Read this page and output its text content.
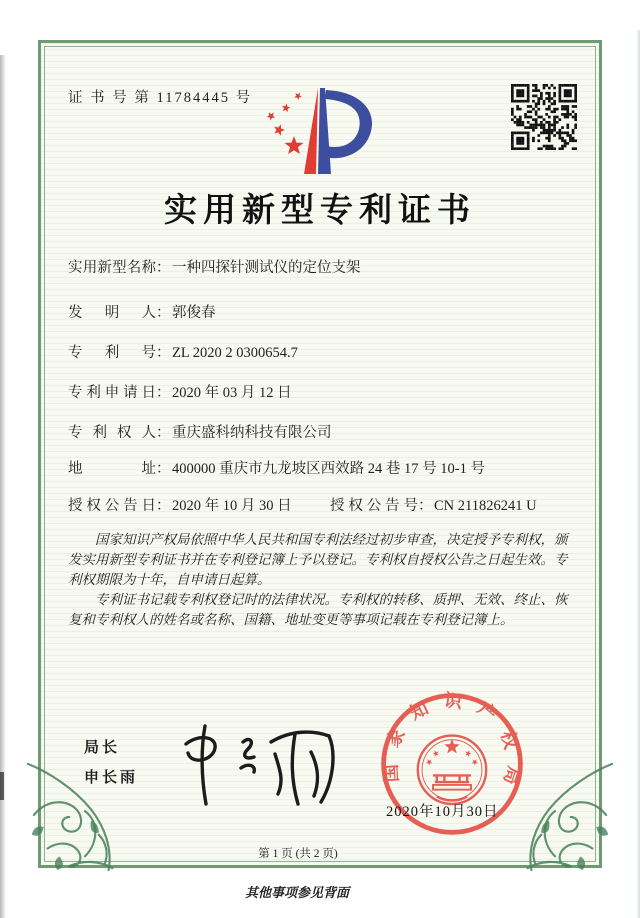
证 书 号 第 11784445 号
实用新型专利证书
实用新型名称： 一种四探针测试仪的定位支架
发明人： 郭俊春
专利号： ZL 2020 2 0300654.7
专利申请日： 2020 年 03 月 12 日
专利权人： 重庆盛科纳科技有限公司
地址： 400000 重庆市九龙坡区西效路 24 巷 17 号 10-1 号
授权公告日： 2020 年 10 月 30 日	授权公告号： CN 211826241 U

国家知识产权局依照中华人民共和国专利法经过初步审查，决定授予专利权，颁发实用新型专利证书并在专利登记簿上予以登记。专利权自授权公告之日起生效。专利权期限为十年，自申请日起算。

专利证书记载专利权登记时的法律状况。专利权的转移、质押、无效、终止、恢复和专利权人的姓名或名称、国籍、地址变更等事项记载在专利登记簿上。

局长
申长雨	国家知识产权局
2020年10月30日
第 1 页 (共 2 页)
其他事项参见背面
